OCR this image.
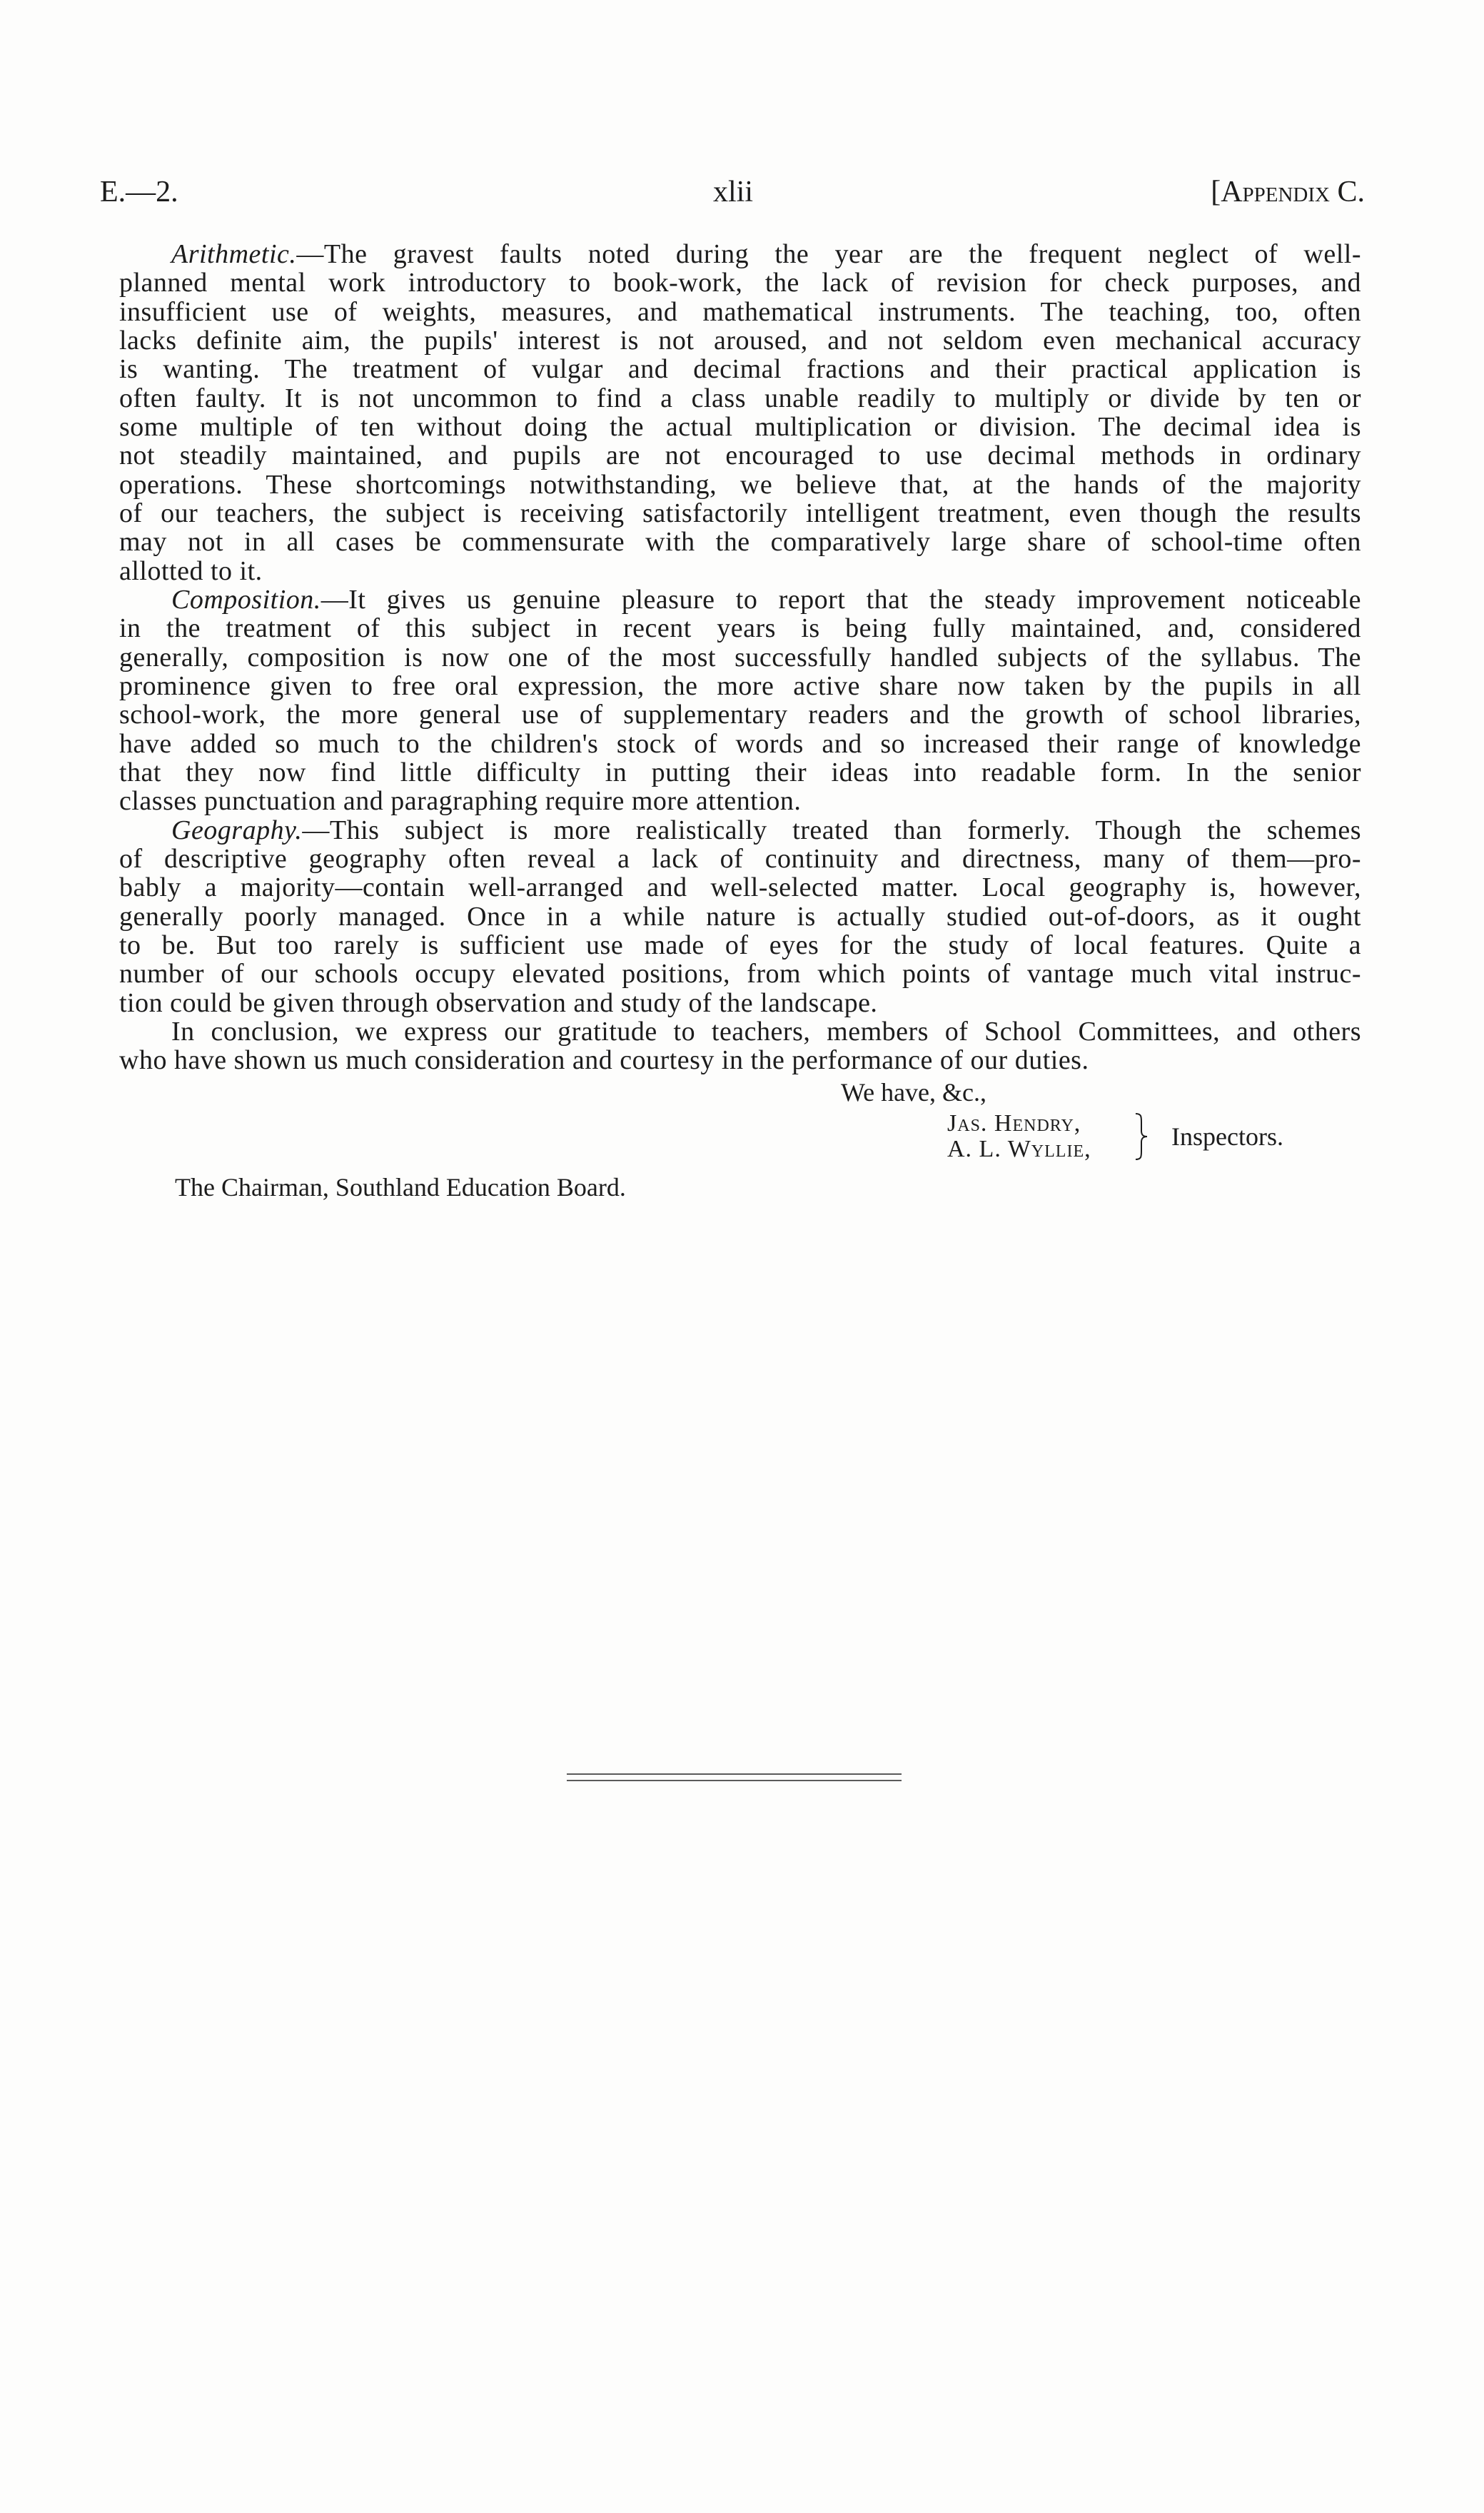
E.—2.	xlii	[Appendix C.
Arithmetic.—The gravest faults noted during the year are the frequent neglect of well-
planned mental work introductory to book-work, the lack of revision for check purposes, and
insufficient use of weights, measures, and mathematical instruments. The teaching, too, often
lacks definite aim, the pupils' interest is not aroused, and not seldom even mechanical accuracy
is wanting. The treatment of vulgar and decimal fractions and their practical application is
often faulty. It is not uncommon to find a class unable readily to multiply or divide by ten or
some multiple of ten without doing the actual multiplication or division. The decimal idea is
not steadily maintained, and pupils are not encouraged to use decimal methods in ordinary
operations. These shortcomings notwithstanding, we believe that, at the hands of the majority
of our teachers, the subject is receiving satisfactorily intelligent treatment, even though the results
may not in all cases be commensurate with the comparatively large share of school-time often
allotted to it.
Composition.—It gives us genuine pleasure to report that the steady improvement noticeable
in the treatment of this subject in recent years is being fully maintained, and, considered
generally, composition is now one of the most successfully handled subjects of the syllabus. The
prominence given to free oral expression, the more active share now taken by the pupils in all
school-work, the more general use of supplementary readers and the growth of school libraries,
have added so much to the children's stock of words and so increased their range of knowledge
that they now find little difficulty in putting their ideas into readable form. In the senior
classes punctuation and paragraphing require more attention.
Geography.—This subject is more realistically treated than formerly. Though the schemes
of descriptive geography often reveal a lack of continuity and directness, many of them—pro-
bably a majority—contain well-arranged and well-selected matter. Local geography is, however,
generally poorly managed. Once in a while nature is actually studied out-of-doors, as it ought
to be. But too rarely is sufficient use made of eyes for the study of local features. Quite a
number of our schools occupy elevated positions, from which points of vantage much vital instruc-
tion could be given through observation and study of the landscape.
In conclusion, we express our gratitude to teachers, members of School Committees, and others
who have shown us much consideration and courtesy in the performance of our duties.
We have, &c.,
Jas. Hendry,
A. L. Wyllie,	Inspectors.
The Chairman, Southland Education Board.
